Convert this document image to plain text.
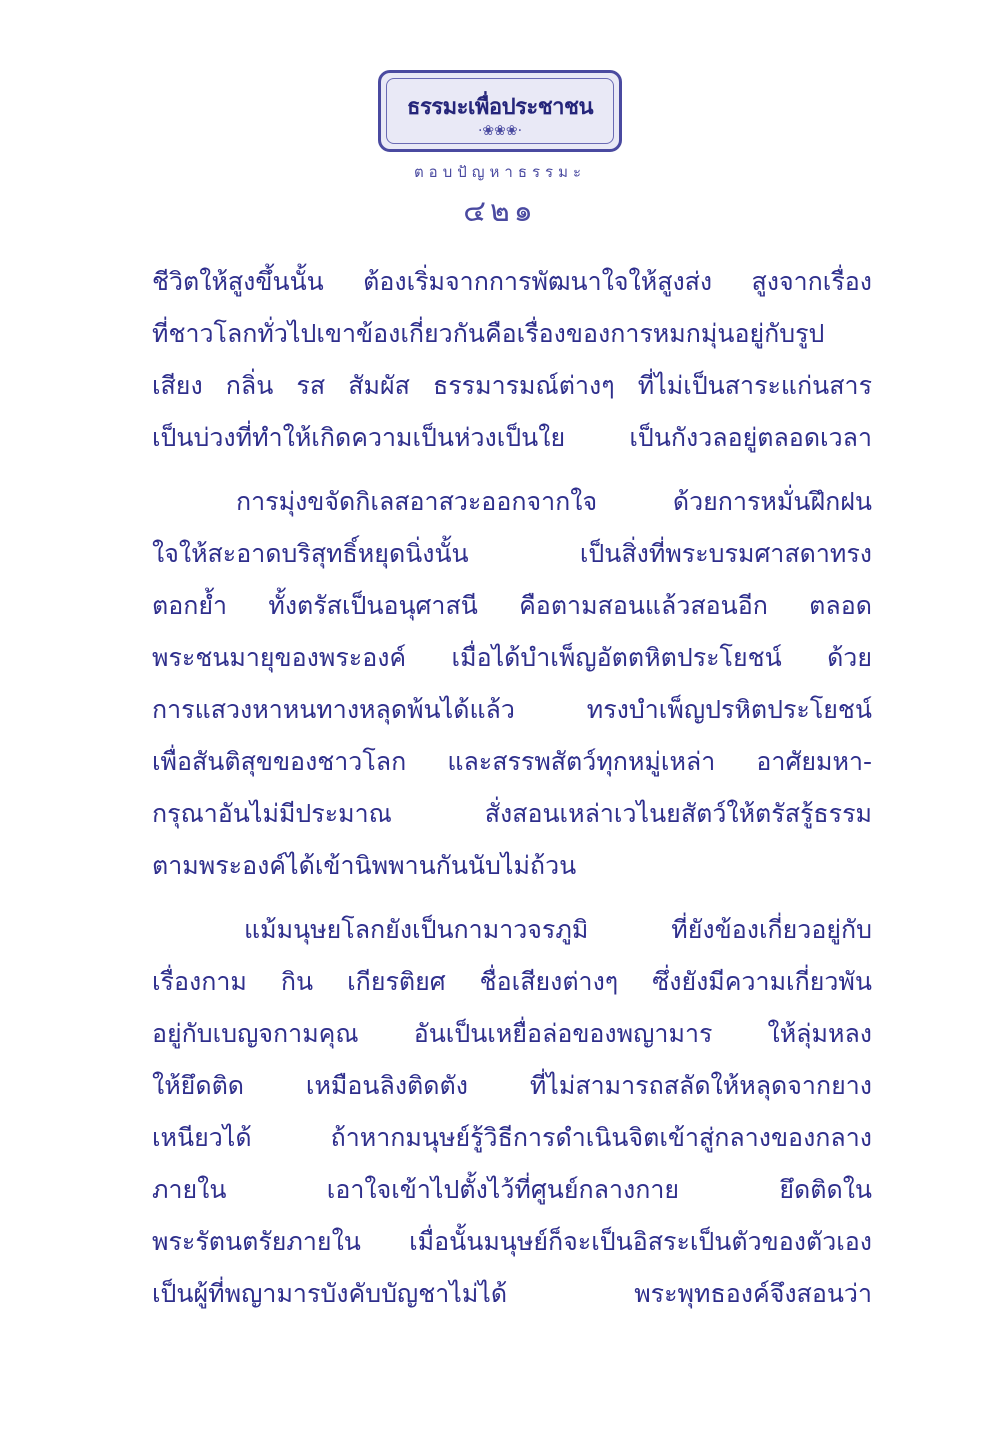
ธรรมะเพื่อประชาชน
·❀❀❀·
ตอบปัญหาธรรมะ
๔๒๑
ชีวิตให้สูงขึ้นนั้น ต้องเริ่มจากการพัฒนาใจให้สูงส่ง สูงจากเรื่อง
ที่ชาวโลกทั่วไปเขาข้องเกี่ยวกันคือเรื่องของการหมกมุ่นอยู่กับรูป
เสียง กลิ่น รส สัมผัส ธรรมารมณ์ต่างๆ ที่ไม่เป็นสาระแก่นสาร
เป็นบ่วงที่ทำให้เกิดความเป็นห่วงเป็นใย เป็นกังวลอยู่ตลอดเวลา
การมุ่งขจัดกิเลสอาสวะออกจากใจ ด้วยการหมั่นฝึกฝน
ใจให้สะอาดบริสุทธิ์หยุดนิ่งนั้น เป็นสิ่งที่พระบรมศาสดาทรง
ตอกย้ำ ทั้งตรัสเป็นอนุศาสนี คือตามสอนแล้วสอนอีก ตลอด
พระชนมายุของพระองค์ เมื่อได้บำเพ็ญอัตตหิตประโยชน์ ด้วย
การแสวงหาหนทางหลุดพ้นได้แล้ว ทรงบำเพ็ญปรหิตประโยชน์
เพื่อสันติสุขของชาวโลก และสรรพสัตว์ทุกหมู่เหล่า อาศัยมหา-
กรุณาอันไม่มีประมาณ สั่งสอนเหล่าเวไนยสัตว์ให้ตรัสรู้ธรรม
ตามพระองค์ได้เข้านิพพานกันนับไม่ถ้วน
แม้มนุษยโลกยังเป็นกามาวจรภูมิ ที่ยังข้องเกี่ยวอยู่กับ
เรื่องกาม กิน เกียรติยศ ชื่อเสียงต่างๆ ซึ่งยังมีความเกี่ยวพัน
อยู่กับเบญจกามคุณ อันเป็นเหยื่อล่อของพญามาร ให้ลุ่มหลง
ให้ยึดติด เหมือนลิงติดตัง ที่ไม่สามารถสลัดให้หลุดจากยาง
เหนียวได้ ถ้าหากมนุษย์รู้วิธีการดำเนินจิตเข้าสู่กลางของกลาง
ภายใน เอาใจเข้าไปตั้งไว้ที่ศูนย์กลางกาย ยึดติดใน
พระรัตนตรัยภายใน เมื่อนั้นมนุษย์ก็จะเป็นอิสระเป็นตัวของตัวเอง
เป็นผู้ที่พญามารบังคับบัญชาไม่ได้ พระพุทธองค์จึงสอนว่า
